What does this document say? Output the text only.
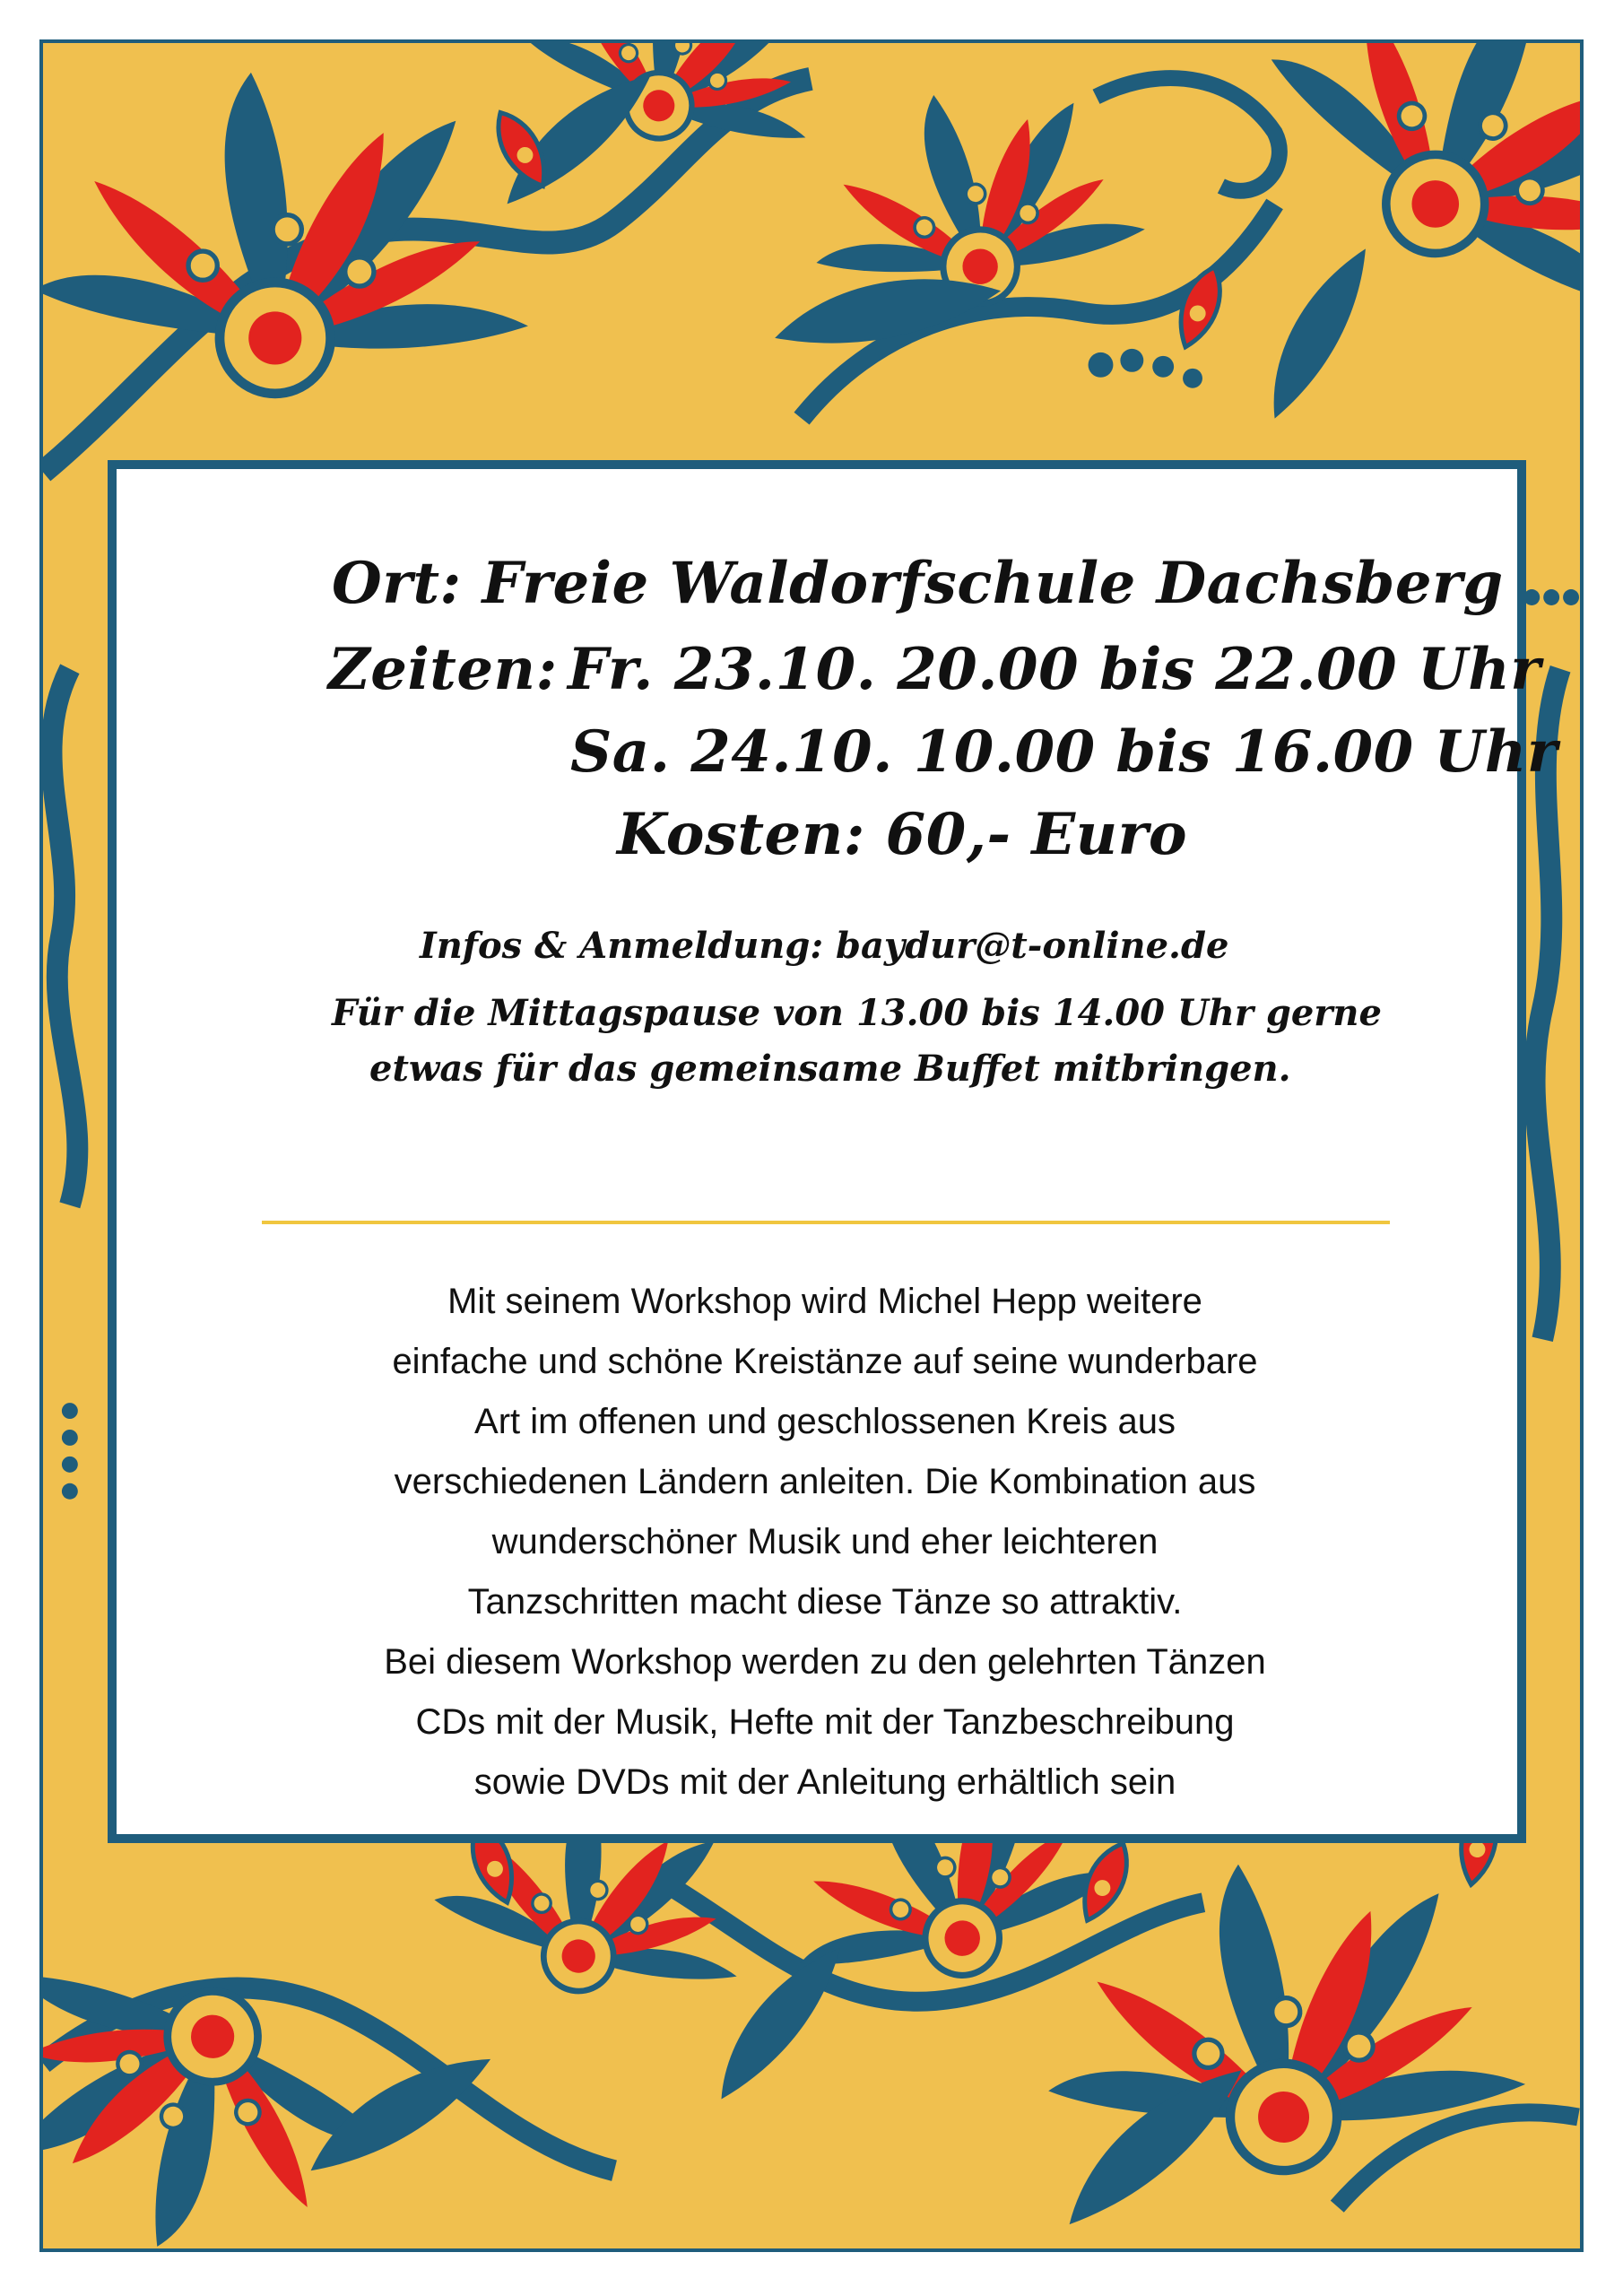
Ort: Freie Waldorfschule Dachsberg

Zeiten: Fr. 23.10. 20.00 bis 22.00 Uhr

Sa. 24.10. 10.00 bis 16.00 Uhr

Kosten: 60,- Euro

Infos & Anmeldung: baydur@t-online.de

Für die Mittagspause von 13.00 bis 14.00 Uhr gerne

etwas für das gemeinsame Buffet mitbringen.

Mit seinem Workshop wird Michel Hepp weitere
einfache und schöne Kreistänze auf seine wunderbare
Art im offenen und geschlossenen Kreis aus
verschiedenen Ländern anleiten. Die Kombination aus
wunderschöner Musik und eher leichteren
Tanzschritten macht diese Tänze so attraktiv.
Bei diesem Workshop werden zu den gelehrten Tänzen
CDs mit der Musik, Hefte mit der Tanzbeschreibung
sowie DVDs mit der Anleitung erhältlich sein
